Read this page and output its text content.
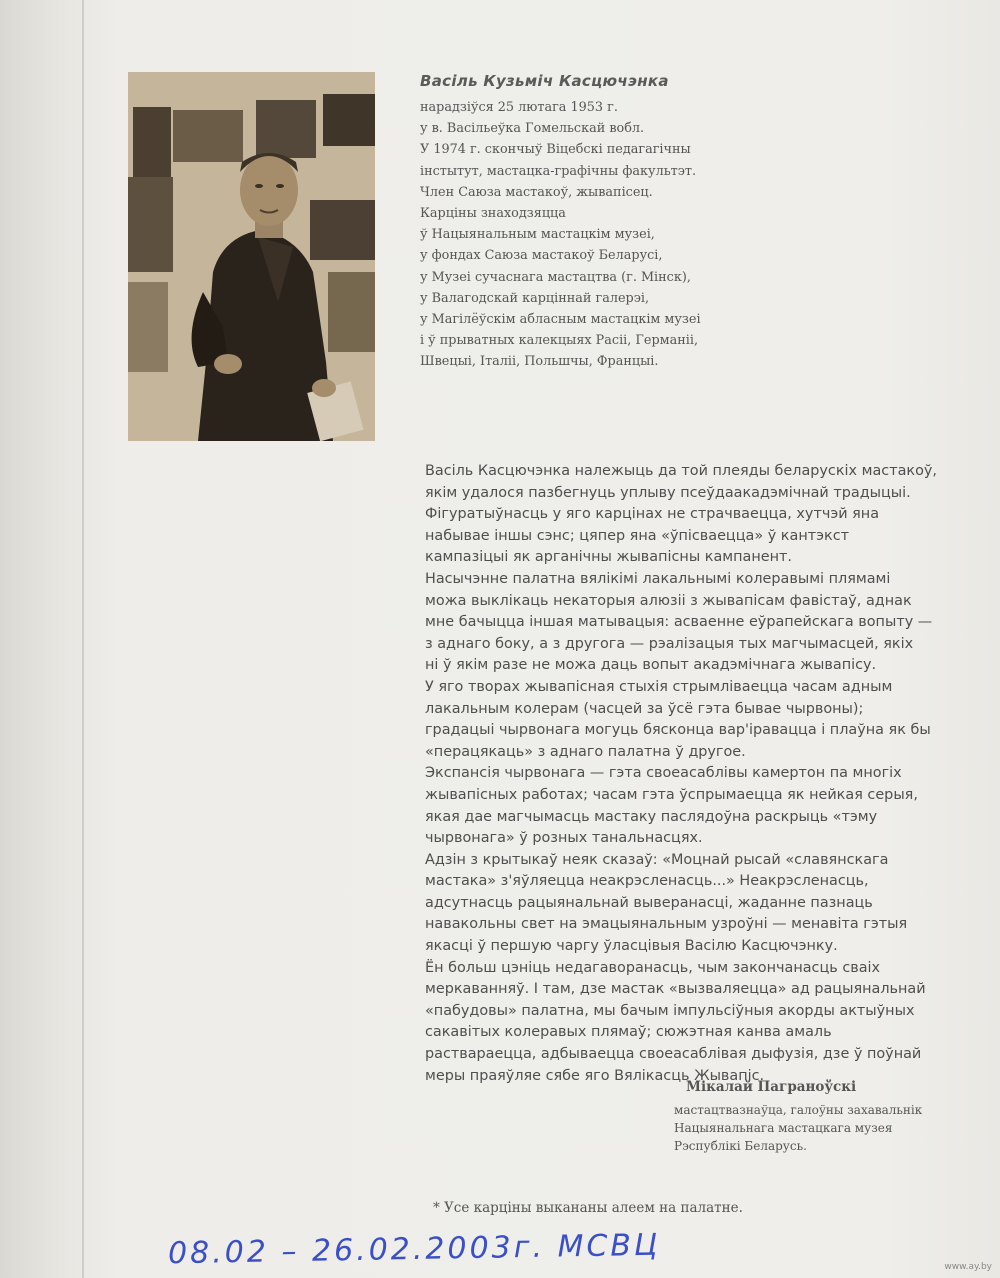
Васіль Кузьміч Касцючэнка
нарадзіўся 25 лютага 1953 г.
у в. Васільеўка Гомельскай вобл.
У 1974 г. скончыў Віцебскі педагагічны
інстытут, мастацка-графічны факультэт.
Член Саюза мастакоў, жывапісец.
Карціны знаходзяцца
ў Нацыянальным мастацкім музеі,
у фондах Саюза мастакоў Беларусі,
у Музеі сучаснага мастацтва (г. Мінск),
у Валагодскай карціннай галерэі,
у Магілёўскім абласным мастацкім музеі
і ў прыватных калекцыях Расіі, Германіі,
Швецыі, Італіі, Польшчы, Францыі.
Васіль Касцючэнка належыць да той плеяды беларускіх мастакоў,
якім удалося пазбегнуць уплыву псеўдаакадэмічнай традыцыі.
Фігуратыўнасць у яго карцінах не страчваецца, хутчэй яна
набывае іншы сэнс; цяпер яна «ўпісваецца» ў кантэкст
кампазіцыі як арганічны жывапісны кампанент.
Насычэнне палатна вялікімі лакальнымі колеравымі плямамі
можа выклікаць некаторыя алюзіі з жывапісам фавістаў, аднак
мне бачыцца іншая матывацыя: асваенне еўрапейскага вопыту —
з аднаго боку, а з другога — рэалізацыя тых магчымасцей, якіх
ні ў якім разе не можа даць вопыт акадэмічнага жывапісу.
У яго творах жывапісная стыхія стрымліваецца часам адным
лакальным колерам (часцей за ўсё гэта бывае чырвоны);
градацыі чырвонага могуць бясконца вар'іравацца і плаўна як бы
«перацякаць» з аднаго палатна ў другое.
Экспансія чырвонага — гэта своеасаблівы камертон па многіх
жывапісных работах; часам гэта ўспрымаецца як нейкая серыя,
якая дае магчымасць мастаку паслядоўна раскрыць «тэму
чырвонага» ў розных танальнасцях.
Адзін з крытыкаў неяк сказаў: «Моцнай рысай «славянскага
мастака» з'яўляецца неакрэсленасць...» Неакрэсленасць,
адсутнасць рацыянальнай выверанасці, жаданне пазнаць
навакольны свет на эмацыянальным узроўні — менавіта гэтыя
якасці ў першую чаргу ўласцівыя Васілю Касцючэнку.
Ён больш цэніць недагаворанасць, чым закончанасць сваіх
меркаванняў. І там, дзе мастак «вызваляецца» ад рацыянальнай
«пабудовы» палатна, мы бачым імпульсіўныя акорды актыўных
сакавітых колеравых плямаў; сюжэтная канва амаль
растварaецца, адбываецца своеасаблівая дыфузія, дзе ў поўнай
меры праяўляе сябе яго Вялікасць Жывапіс.
Мікалай Паграноўскі
мастацтвазнаўца, галоўны захавальнік
Нацыянальнага мастацкага музея
Рэспублікі Беларусь.
* Усе карціны выкананы алеем на палатне.
08.02 – 26.02.2003г. МСВЦ	www.ay.by
